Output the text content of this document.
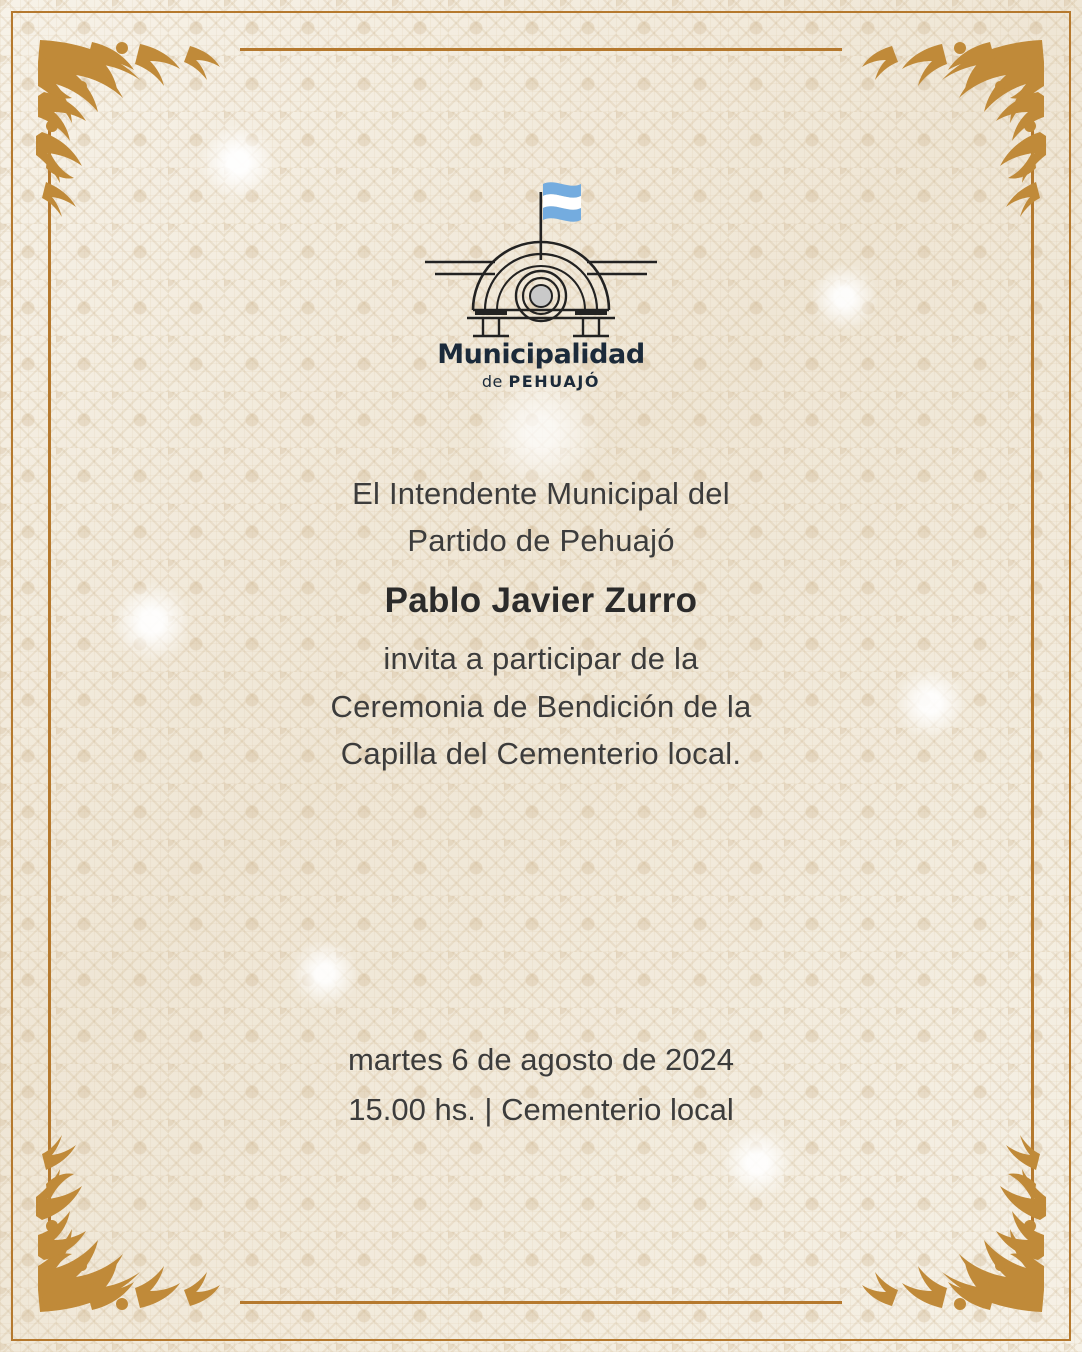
Municipalidad
de PEHUAJÓ
El Intendente Municipal del
Partido de Pehuajó
Pablo Javier Zurro
invita a participar de la
Ceremonia de Bendición de la
Capilla del Cementerio local.
martes 6 de agosto de 2024
15.00 hs. | Cementerio local
